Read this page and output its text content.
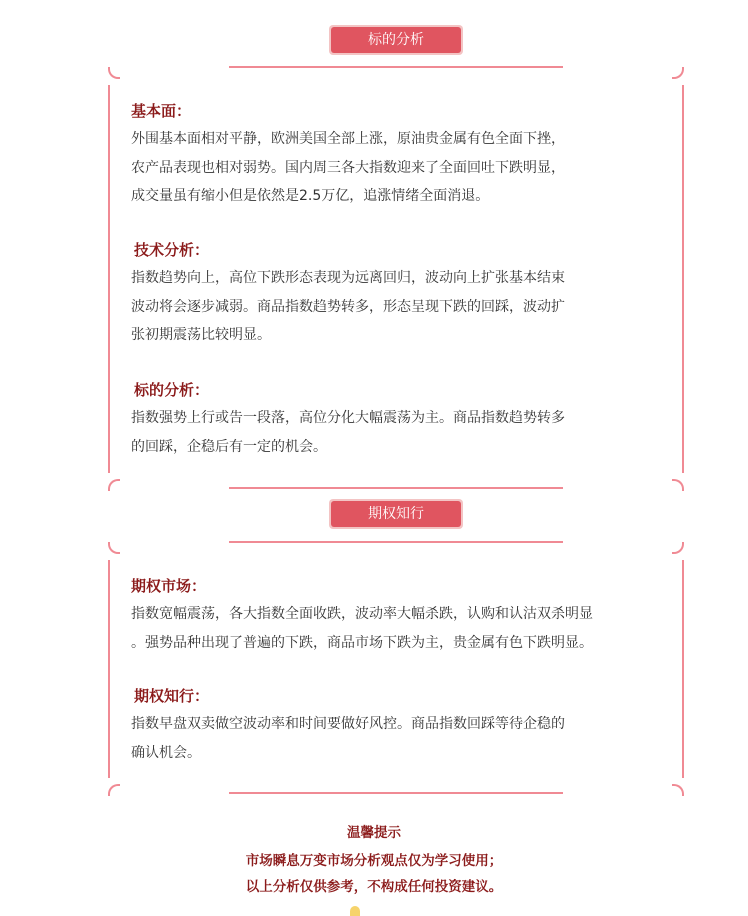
标的分析

基本面：

外围基本面相对平静，欧洲美国全部上涨，原油贵金属有色全面下挫，

农产品表现也相对弱势。国内周三各大指数迎来了全面回吐下跌明显，

成交量虽有缩小但是依然是2.5万亿，追涨情绪全面消退。

技术分析：

指数趋势向上，高位下跌形态表现为远离回归，波动向上扩张基本结束

波动将会逐步减弱。商品指数趋势转多，形态呈现下跌的回踩，波动扩

张初期震荡比较明显。

标的分析：

指数强势上行或告一段落，高位分化大幅震荡为主。商品指数趋势转多

的回踩，企稳后有一定的机会。

期权知行

期权市场：

指数宽幅震荡，各大指数全面收跌，波动率大幅杀跌，认购和认沽双杀明显

。强势品种出现了普遍的下跌，商品市场下跌为主，贵金属有色下跌明显。

期权知行：

指数早盘双卖做空波动率和时间要做好风控。商品指数回踩等待企稳的

确认机会。

温馨提示
市场瞬息万变市场分析观点仅为学习使用；
以上分析仅供参考，不构成任何投资建议。
